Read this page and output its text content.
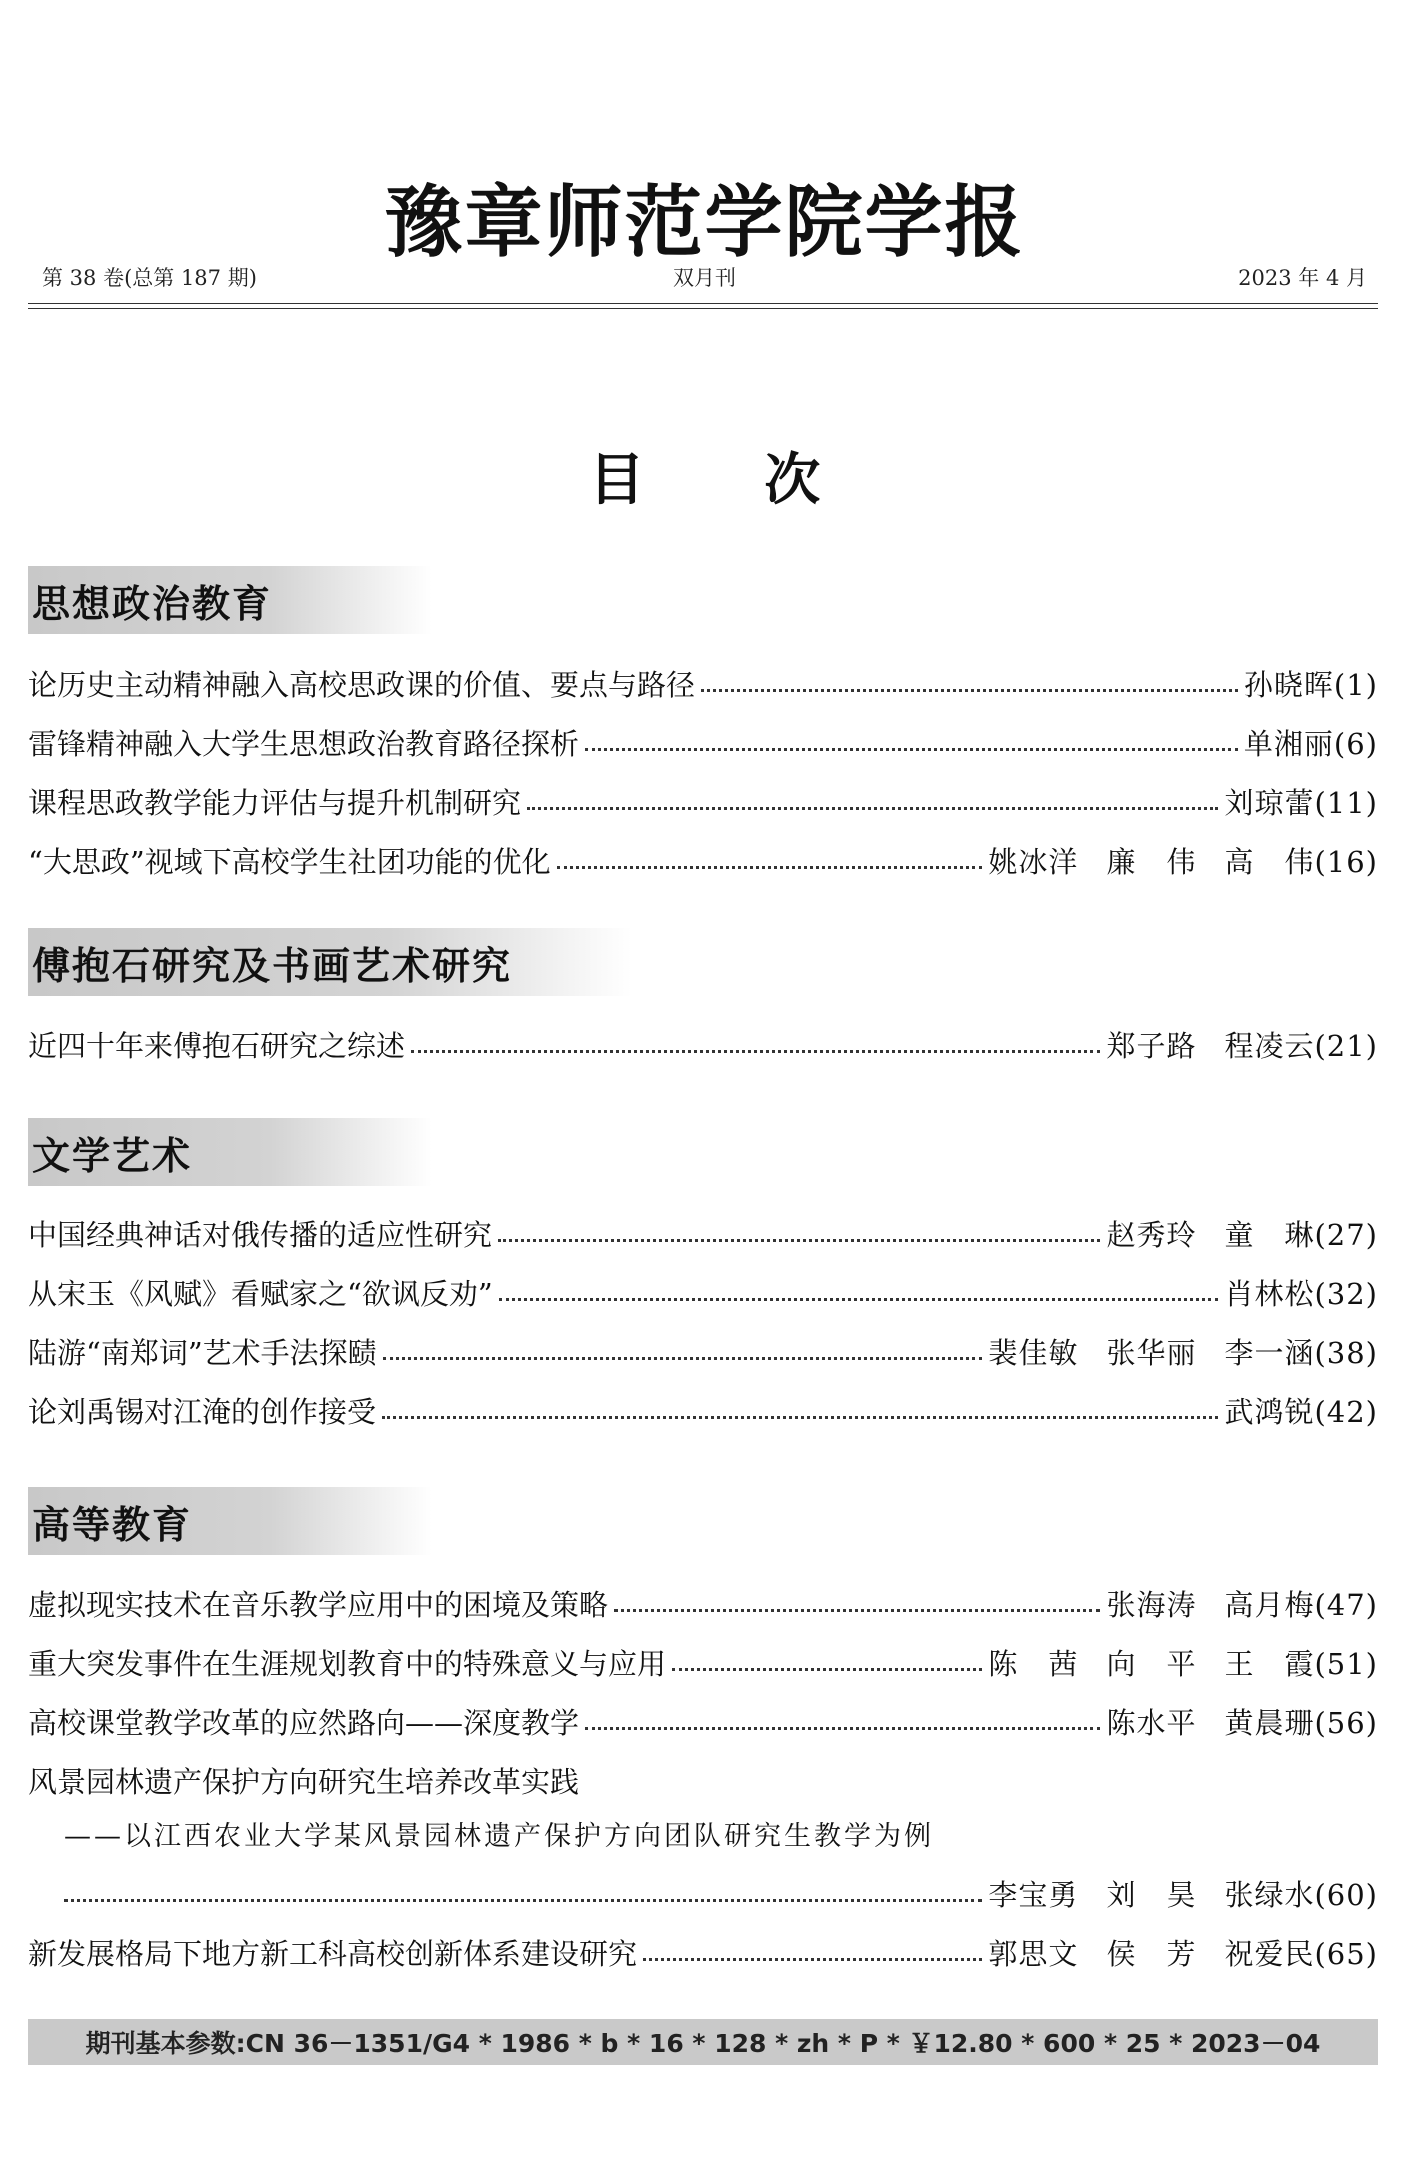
豫章师范学院学报
第 38 卷(总第 187 期)	双月刊	2023 年 4 月
目 次
思想政治教育
论历史主动精神融入高校思政课的价值、要点与路径	孙晓晖(1)
雷锋精神融入大学生思想政治教育路径探析	单湘丽(6)
课程思政教学能力评估与提升机制研究	刘琼蕾(11)
“大思政”视域下高校学生社团功能的优化	姚冰洋 廉　伟 高　伟(16)
傅抱石研究及书画艺术研究
近四十年来傅抱石研究之综述	郑子路 程凌云(21)
文学艺术
中国经典神话对俄传播的适应性研究	赵秀玲 童　琳(27)
从宋玉《风赋》看赋家之“欲讽反劝”	肖林松(32)
陆游“南郑词”艺术手法探赜	裴佳敏 张华丽 李一涵(38)
论刘禹锡对江淹的创作接受	武鸿锐(42)
高等教育
虚拟现实技术在音乐教学应用中的困境及策略	张海涛 高月梅(47)
重大突发事件在生涯规划教育中的特殊意义与应用	陈　茜 向　平 王　霞(51)
高校课堂教学改革的应然路向——深度教学	陈水平 黄晨珊(56)
风景园林遗产保护方向研究生培养改革实践
——以江西农业大学某风景园林遗产保护方向团队研究生教学为例
李宝勇 刘　昊 张绿水(60)
新发展格局下地方新工科高校创新体系建设研究	郭思文 侯　芳 祝爱民(65)
期刊基本参数:CN 36－1351/G4 * 1986 * b * 16 * 128 * zh * P * ￥12.80 * 600 * 25 * 2023－04
